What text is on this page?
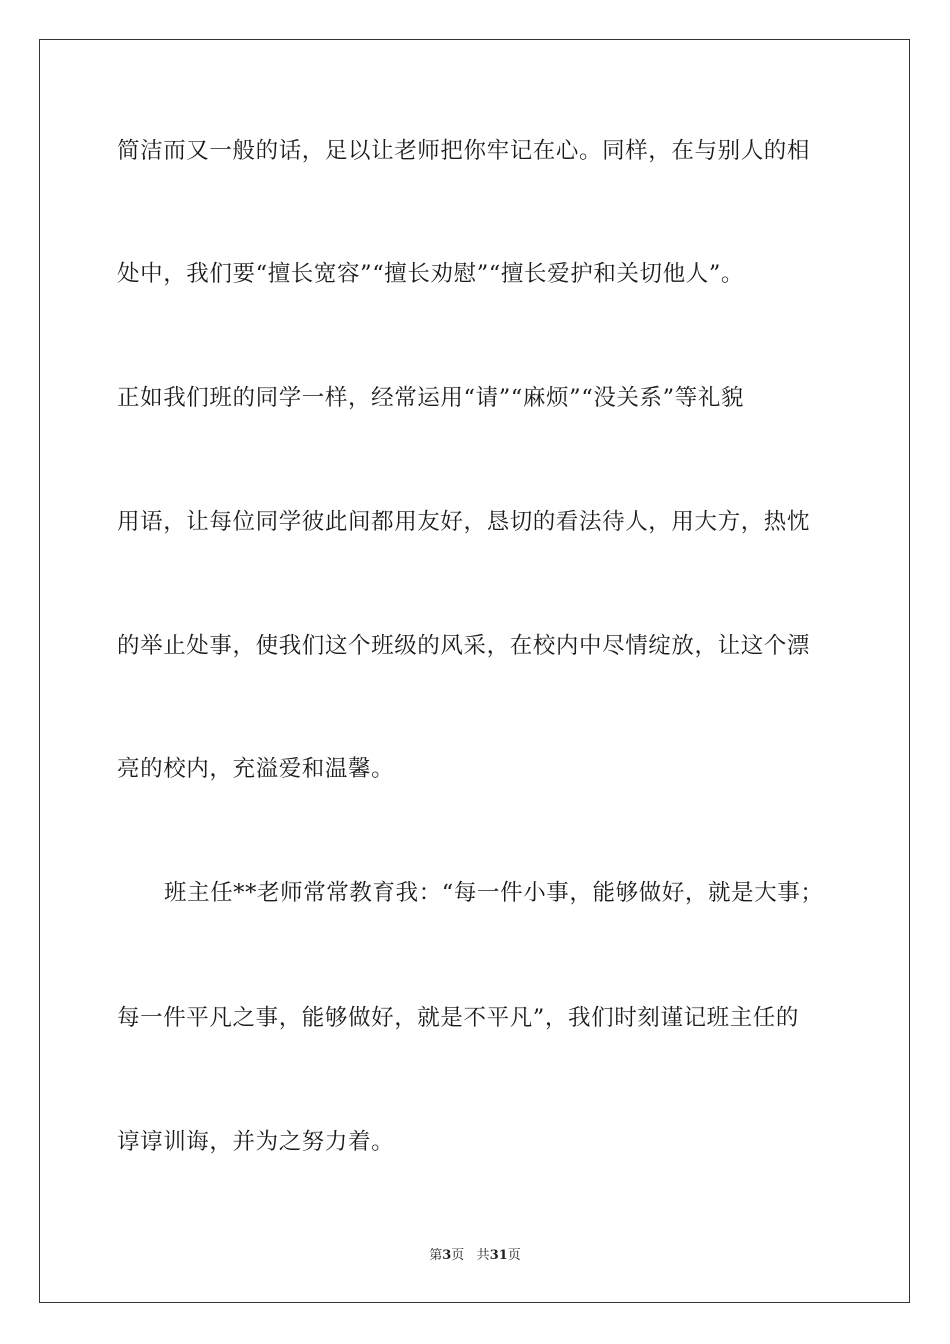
简洁而又一般的话，足以让老师把你牢记在心。同样，在与别人的相
处中，我们要“擅长宽容”“擅长劝慰”“擅长爱护和关切他人”。
正如我们班的同学一样，经常运用“请”“麻烦”“没关系”等礼貌
用语，让每位同学彼此间都用友好，恳切的看法待人，用大方，热忱
的举止处事，使我们这个班级的风采，在校内中尽情绽放，让这个漂
亮的校内，充溢爱和温馨。
班主任**老师常常教育我：“每一件小事，能够做好，就是大事；
每一件平凡之事，能够做好，就是不平凡”，我们时刻谨记班主任的
谆谆训诲，并为之努力着。
第3页 共31页
